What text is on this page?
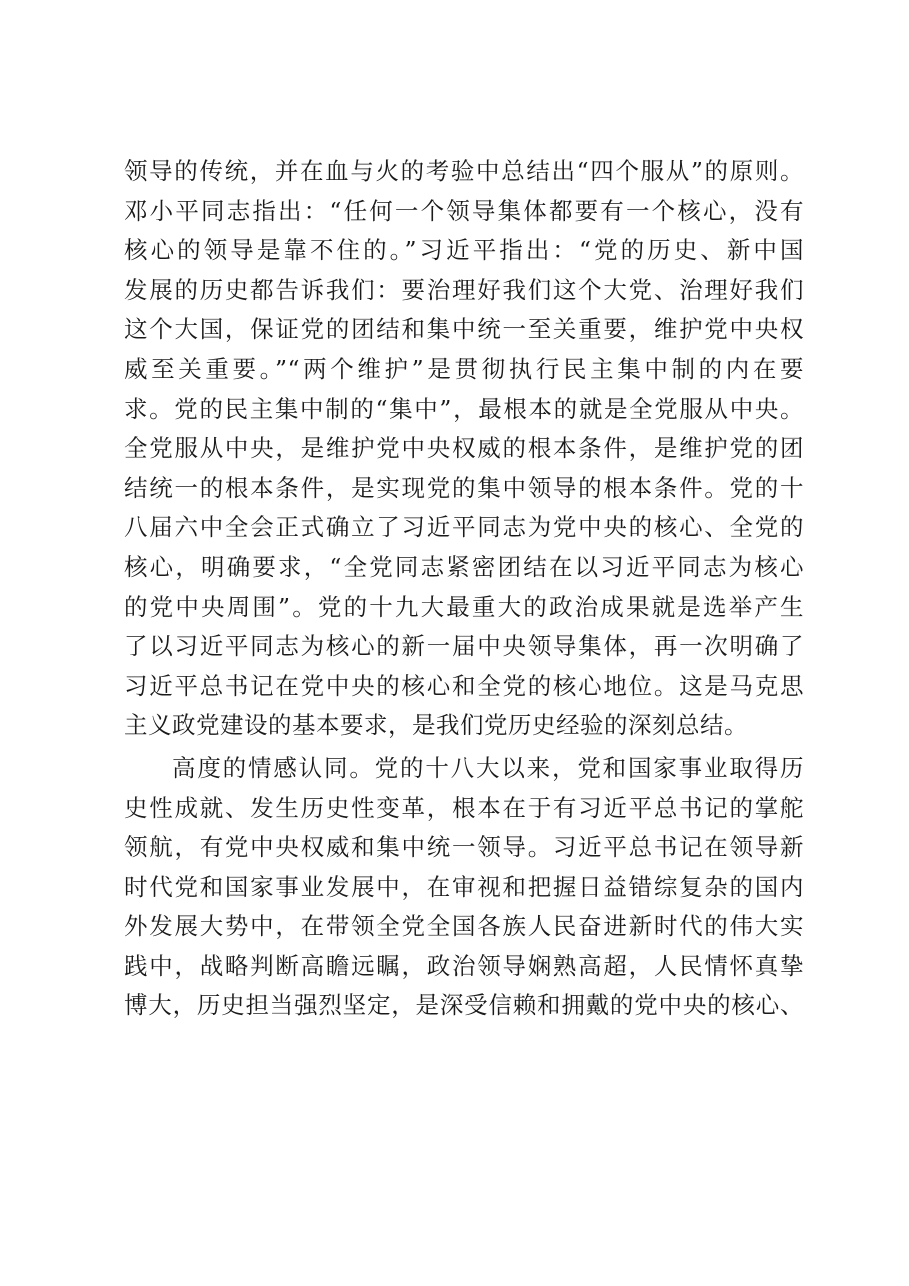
领导的传统，并在血与火的考验中总结出“四个服从”的原则。
邓小平同志指出：“任何一个领导集体都要有一个核心，没有
核心的领导是靠不住的。”习近平指出：“党的历史、新中国
发展的历史都告诉我们：要治理好我们这个大党、治理好我们
这个大国，保证党的团结和集中统一至关重要，维护党中央权
威至关重要。”“两个维护”是贯彻执行民主集中制的内在要
求。党的民主集中制的“集中”，最根本的就是全党服从中央。
全党服从中央，是维护党中央权威的根本条件，是维护党的团
结统一的根本条件，是实现党的集中领导的根本条件。党的十
八届六中全会正式确立了习近平同志为党中央的核心、全党的
核心，明确要求，“全党同志紧密团结在以习近平同志为核心
的党中央周围”。党的十九大最重大的政治成果就是选举产生
了以习近平同志为核心的新一届中央领导集体，再一次明确了
习近平总书记在党中央的核心和全党的核心地位。这是马克思
主义政党建设的基本要求，是我们党历史经验的深刻总结。
高度的情感认同。党的十八大以来，党和国家事业取得历
史性成就、发生历史性变革，根本在于有习近平总书记的掌舵
领航，有党中央权威和集中统一领导。习近平总书记在领导新
时代党和国家事业发展中，在审视和把握日益错综复杂的国内
外发展大势中，在带领全党全国各族人民奋进新时代的伟大实
践中，战略判断高瞻远瞩，政治领导娴熟高超，人民情怀真挚
博大，历史担当强烈坚定，是深受信赖和拥戴的党中央的核心、
